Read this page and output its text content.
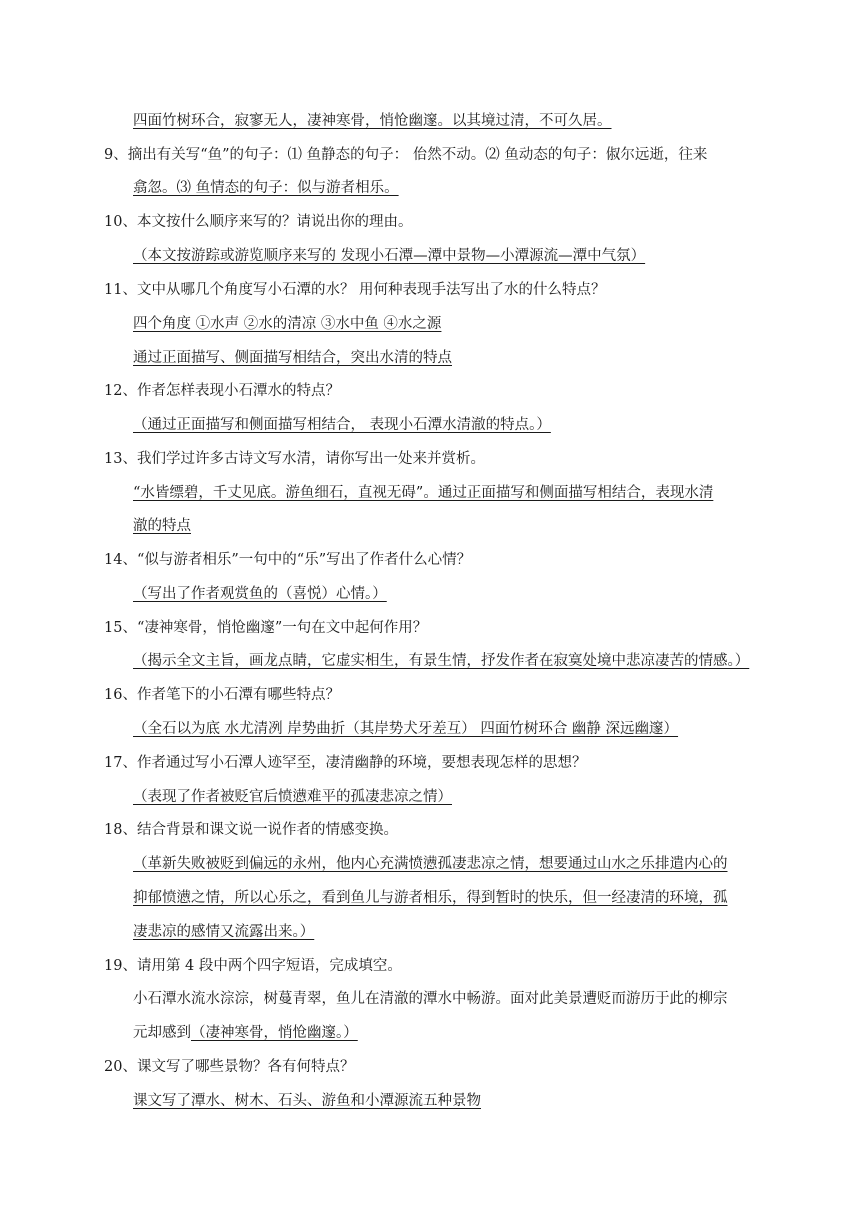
四面竹树环合，寂寥无人，凄神寒骨，悄怆幽邃。以其境过清，不可久居。
9、摘出有关写“鱼”的句子：⑴ 鱼静态的句子： 佁然不动。⑵ 鱼动态的句子：俶尔远逝，往来
翕忽。⑶ 鱼情态的句子：似与游者相乐。
10、本文按什么顺序来写的？请说出你的理由。
（本文按游踪或游览顺序来写的 发现小石潭—潭中景物—小潭源流—潭中气氛）
11、文中从哪几个角度写小石潭的水？ 用何种表现手法写出了水的什么特点？
四个角度 ①水声 ②水的清凉 ③水中鱼 ④水之源
通过正面描写、侧面描写相结合，突出水清的特点
12、作者怎样表现小石潭水的特点？
（通过正面描写和侧面描写相结合， 表现小石潭水清澈的特点。）
13、我们学过许多古诗文写水清，请你写出一处来并赏析。
“水皆缥碧，千丈见底。游鱼细石，直视无碍”。通过正面描写和侧面描写相结合，表现水清
澈的特点
14、“似与游者相乐”一句中的“乐”写出了作者什么心情？
（写出了作者观赏鱼的（喜悦）心情。）
15、“凄神寒骨，悄怆幽邃”一句在文中起何作用？
（揭示全文主旨，画龙点睛，它虚实相生，有景生情，抒发作者在寂寞处境中悲凉凄苦的情感。）
16、作者笔下的小石潭有哪些特点？
（全石以为底 水尤清冽 岸势曲折（其岸势犬牙差互） 四面竹树环合 幽静 深远幽邃）
17、作者通过写小石潭人迹罕至，凄清幽静的环境，要想表现怎样的思想？
（表现了作者被贬官后愤懑难平的孤凄悲凉之情）
18、结合背景和课文说一说作者的情感变换。
（革新失败被贬到偏远的永州，他内心充满愤懑孤凄悲凉之情，想要通过山水之乐排遣内心的
抑郁愤懑之情，所以心乐之，看到鱼儿与游者相乐，得到暂时的快乐，但一经凄清的环境，孤
凄悲凉的感情又流露出来。）
19、请用第 4 段中两个四字短语，完成填空。
小石潭水流水淙淙，树蔓青翠，鱼儿在清澈的潭水中畅游。面对此美景遭贬而游历于此的柳宗
元却感到（凄神寒骨，悄怆幽邃。）
20、课文写了哪些景物？各有何特点？
课文写了潭水、树木、石头、游鱼和小潭源流五种景物
